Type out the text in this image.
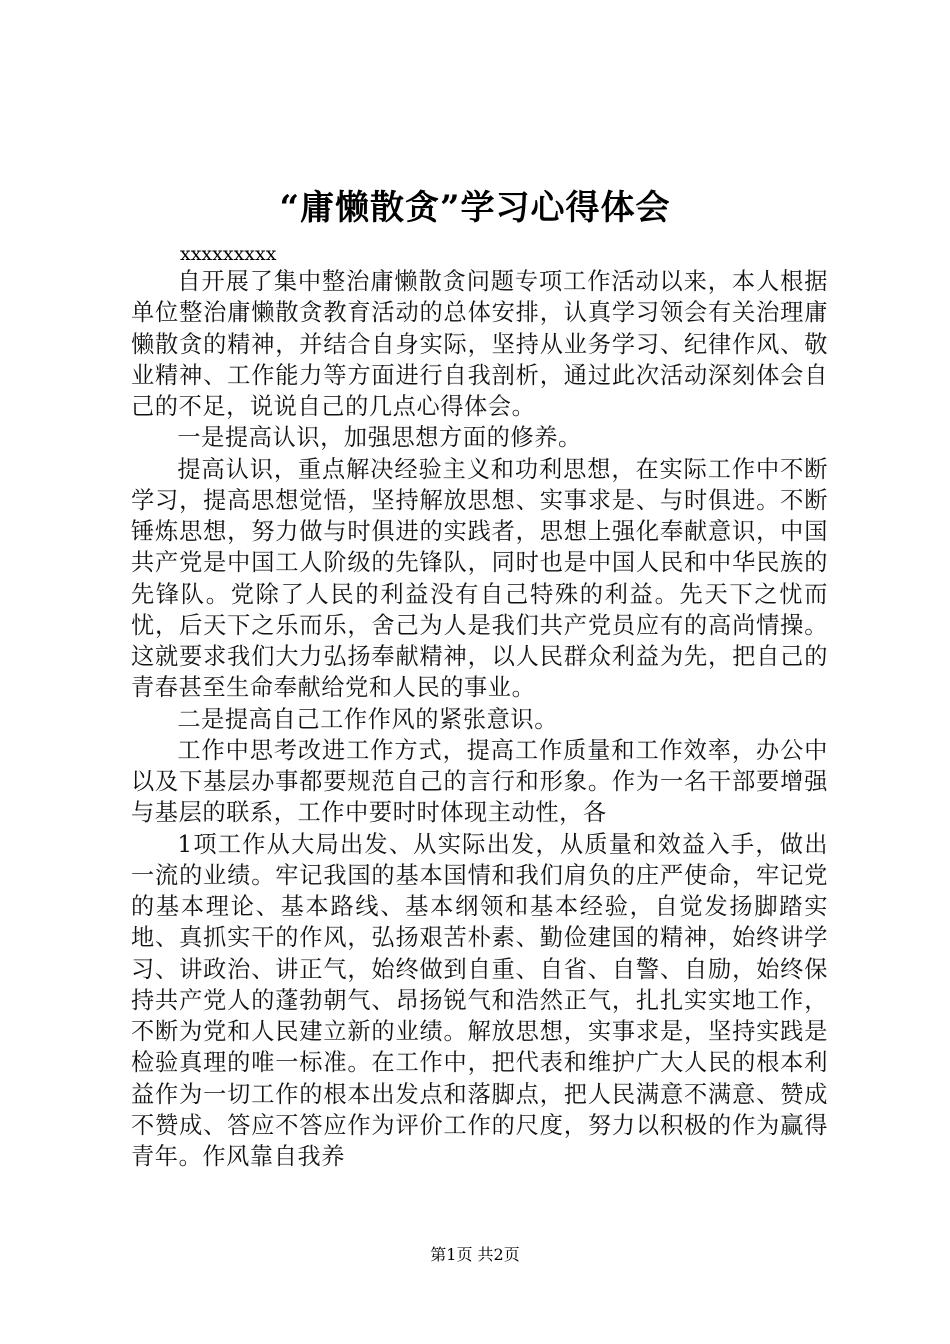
“庸懒散贪”学习心得体会
xxxxxxxxx

自开展了集中整治庸懒散贪问题专项工作活动以来，本人根据单位整治庸懒散贪教育活动的总体安排，认真学习领会有关治理庸懒散贪的精神，并结合自身实际，坚持从业务学习、纪律作风、敬业精神、工作能力等方面进行自我剖析，通过此次活动深刻体会自己的不足，说说自己的几点心得体会。

一是提高认识，加强思想方面的修养。

提高认识，重点解决经验主义和功利思想，在实际工作中不断学习，提高思想觉悟，坚持解放思想、实事求是、与时俱进。不断锤炼思想，努力做与时俱进的实践者，思想上强化奉献意识，中国共产党是中国工人阶级的先锋队，同时也是中国人民和中华民族的先锋队。党除了人民的利益没有自己特殊的利益。先天下之忧而忧，后天下之乐而乐，舍己为人是我们共产党员应有的高尚情操。这就要求我们大力弘扬奉献精神，以人民群众利益为先，把自己的青春甚至生命奉献给党和人民的事业。

二是提高自己工作作风的紧张意识。

工作中思考改进工作方式，提高工作质量和工作效率，办公中以及下基层办事都要规范自己的言行和形象。作为一名干部要增强与基层的联系，工作中要时时体现主动性，各

1项工作从大局出发、从实际出发，从质量和效益入手，做出一流的业绩。牢记我国的基本国情和我们肩负的庄严使命，牢记党的基本理论、基本路线、基本纲领和基本经验，自觉发扬脚踏实地、真抓实干的作风，弘扬艰苦朴素、勤俭建国的精神，始终讲学习、讲政治、讲正气，始终做到自重、自省、自警、自励，始终保持共产党人的蓬勃朝气、昂扬锐气和浩然正气，扎扎实实地工作，不断为党和人民建立新的业绩。解放思想，实事求是，坚持实践是检验真理的唯一标准。在工作中，把代表和维护广大人民的根本利益作为一切工作的根本出发点和落脚点，把人民满意不满意、赞成不赞成、答应不答应作为评价工作的尺度，努力以积极的作为赢得青年。作风靠自我养

第1页 共2页
